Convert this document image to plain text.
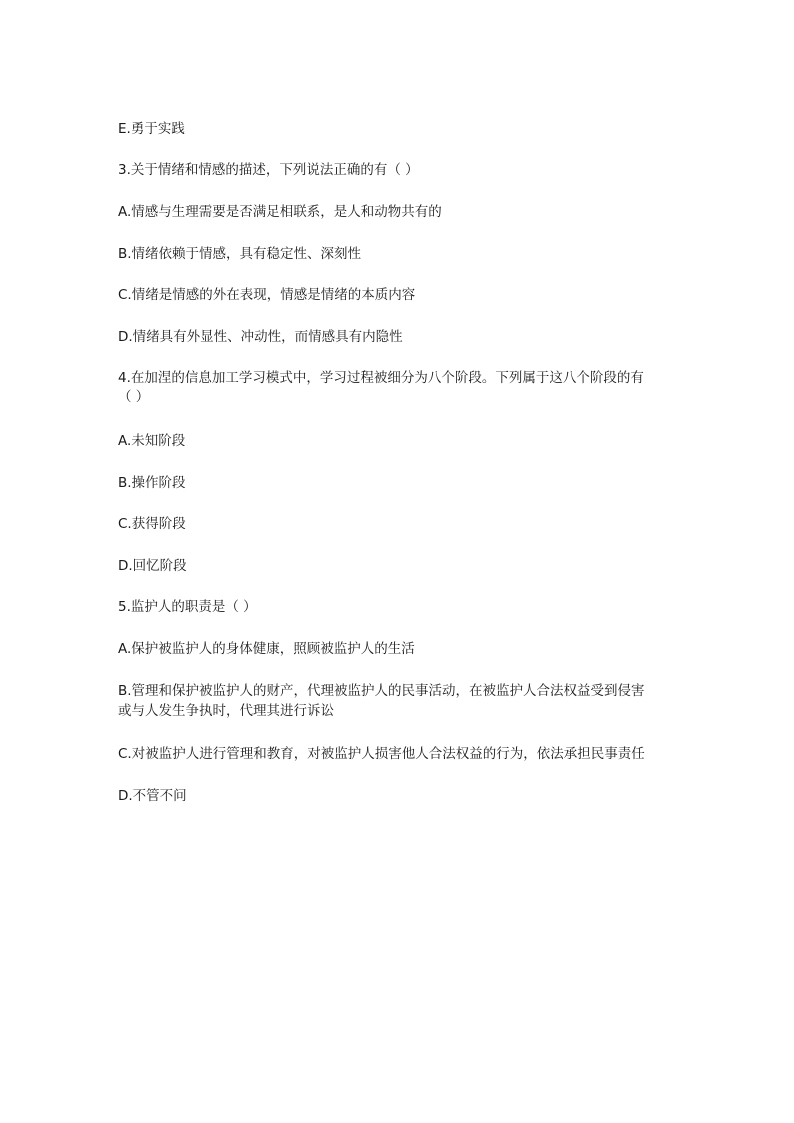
E.勇于实践
3.关于情绪和情感的描述，下列说法正确的有（ ）
A.情感与生理需要是否满足相联系，是人和动物共有的
B.情绪依赖于情感，具有稳定性、深刻性
C.情绪是情感的外在表现，情感是情绪的本质内容
D.情绪具有外显性、冲动性，而情感具有内隐性
4.在加涅的信息加工学习模式中，学习过程被细分为八个阶段。下列属于这八个阶段的有
（ ）
A.未知阶段
B.操作阶段
C.获得阶段
D.回忆阶段
5.监护人的职责是（ ）
A.保护被监护人的身体健康，照顾被监护人的生活
B.管理和保护被监护人的财产，代理被监护人的民事活动，在被监护人合法权益受到侵害
或与人发生争执时，代理其进行诉讼
C.对被监护人进行管理和教育，对被监护人损害他人合法权益的行为，依法承担民事责任
D.不管不问
